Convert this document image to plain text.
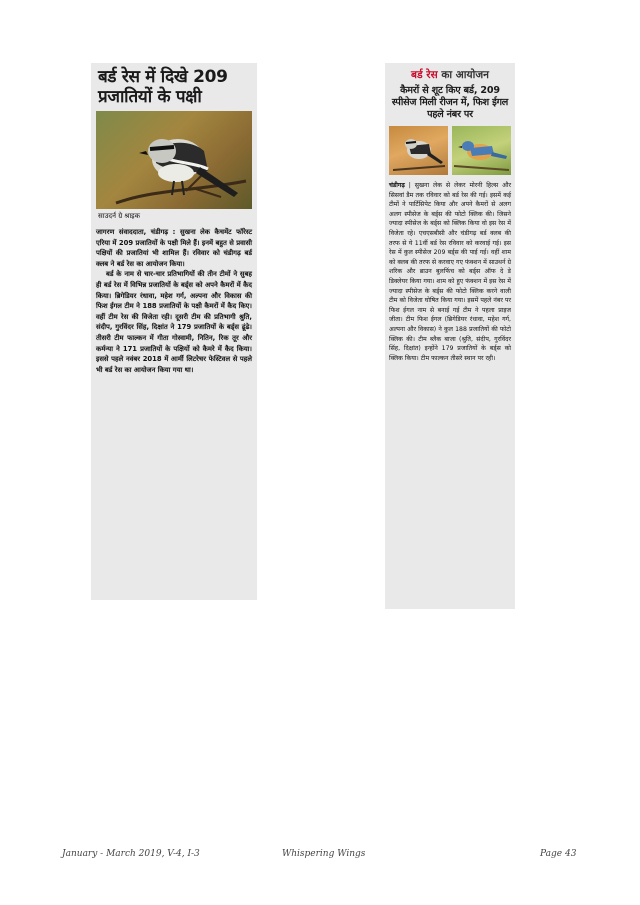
बर्ड रेस में दिखे 209 प्रजातियों के पक्षी
साउदर्न ग्रे श्राइक

जागरण संवाददाता, चंडीगढ़ : सुखना लेक कैचमेंट फॉरेस्ट एरिया में 209 प्रजातियों के पक्षी मिले हैं। इनमें बहुत से प्रवासी पक्षियों की प्रजातियां भी शामिल हैं। रविवार को चंडीगढ़ बर्ड क्लब ने बर्ड रेस का आयोजन किया।

बर्ड के नाम से चार-चार प्रतिभागियों की तीन टीमों ने सुबह ही बर्ड रेस में विभिन्न प्रजातियों के बर्ड्स को अपने कैमरों में कैद किया। ब्रिगेडियर रंधावा, महेश गर्ग, अल्पना और विकास की फिश ईगल टीम ने 188 प्रजातियों के पक्षी कैमरों में कैद किए। वहीं टीम रेस की विजेता रही। दूसरी टीम की प्रतिभागी श्रुति, संदीप, गुरविंदर सिंह, दिक्षांत ने 179 प्रजातियों के बर्ड्स ढूंढे। तीसरी टीम फाल्कन में गीता गोस्वामी, नितिन, रिक तूर और कर्मन्या ने 171 प्रजातियों के पक्षियों को कैमरे में कैद किया। इससे पहले नवंबर 2018 में आर्मी लिटरेचर फेस्टिवल से पहले भी बर्ड रेस का आयोजन किया गया था।

बर्ड रेस का आयोजन
कैमरों से शूट किए बर्ड, 209 स्पीसेज मिली रीजन में, फिश ईगल पहले नंबर पर
चंडीगढ़ | सुखना लेक से लेकर मोरनी हिल्स और सिसवां डैम तक रविवार को बर्ड रेस की गई। इसमें कई टीमों ने पार्टिसिपेट किया और अपने कैमरों से अलग अलग स्पीसेज के बर्ड्स की फोटो क्लिक की। जिसने ज्यादा स्पीसेज के बर्ड्स को क्लिक किया वो इस रेस में विजेता रहे। एचएसबीसी और चंडीगढ़ बर्ड क्लब की तरफ से ये 11वीं बर्ड रेस रविवार को करवाई गई। इस रेस में कुल स्पीसेज 209 बर्ड्स की पाई गई। वहीं शाम को क्लब की तरफ से करवाए गए फंक्शन में साउथर्न ग्रे शरिक और ब्राउन बुलफिंच को बर्ड्स ऑफ दे डे डिक्लेयर किया गया। शाम को हुए फंक्शन में इस रेस में ज्यादा स्पीसेज के बर्ड्स की फोटो क्लिक करने वाली टीम को विजेता घोषित किया गया। इसमें पहले नंबर पर फिश ईगल नाम से बनाई गई टीम ने पहला प्राइज जीता। टीम फिश ईगल (ब्रिगेडियर रंधावा, महेश गर्ग, अल्पना और विकास) ने कुल 188 प्रजातियों की फोटो क्लिक की। टीम ब्लैक बाजा (श्रुति, संदीप, गुरविंदर सिंह, दिक्षांत) इन्होंने 179 प्रजातियों के बर्ड्स को क्लिक किया। टीम फाल्कन तीसरे स्थान पर रही।
January - March 2019, V-4, I-3	Whispering Wings	Page 43
